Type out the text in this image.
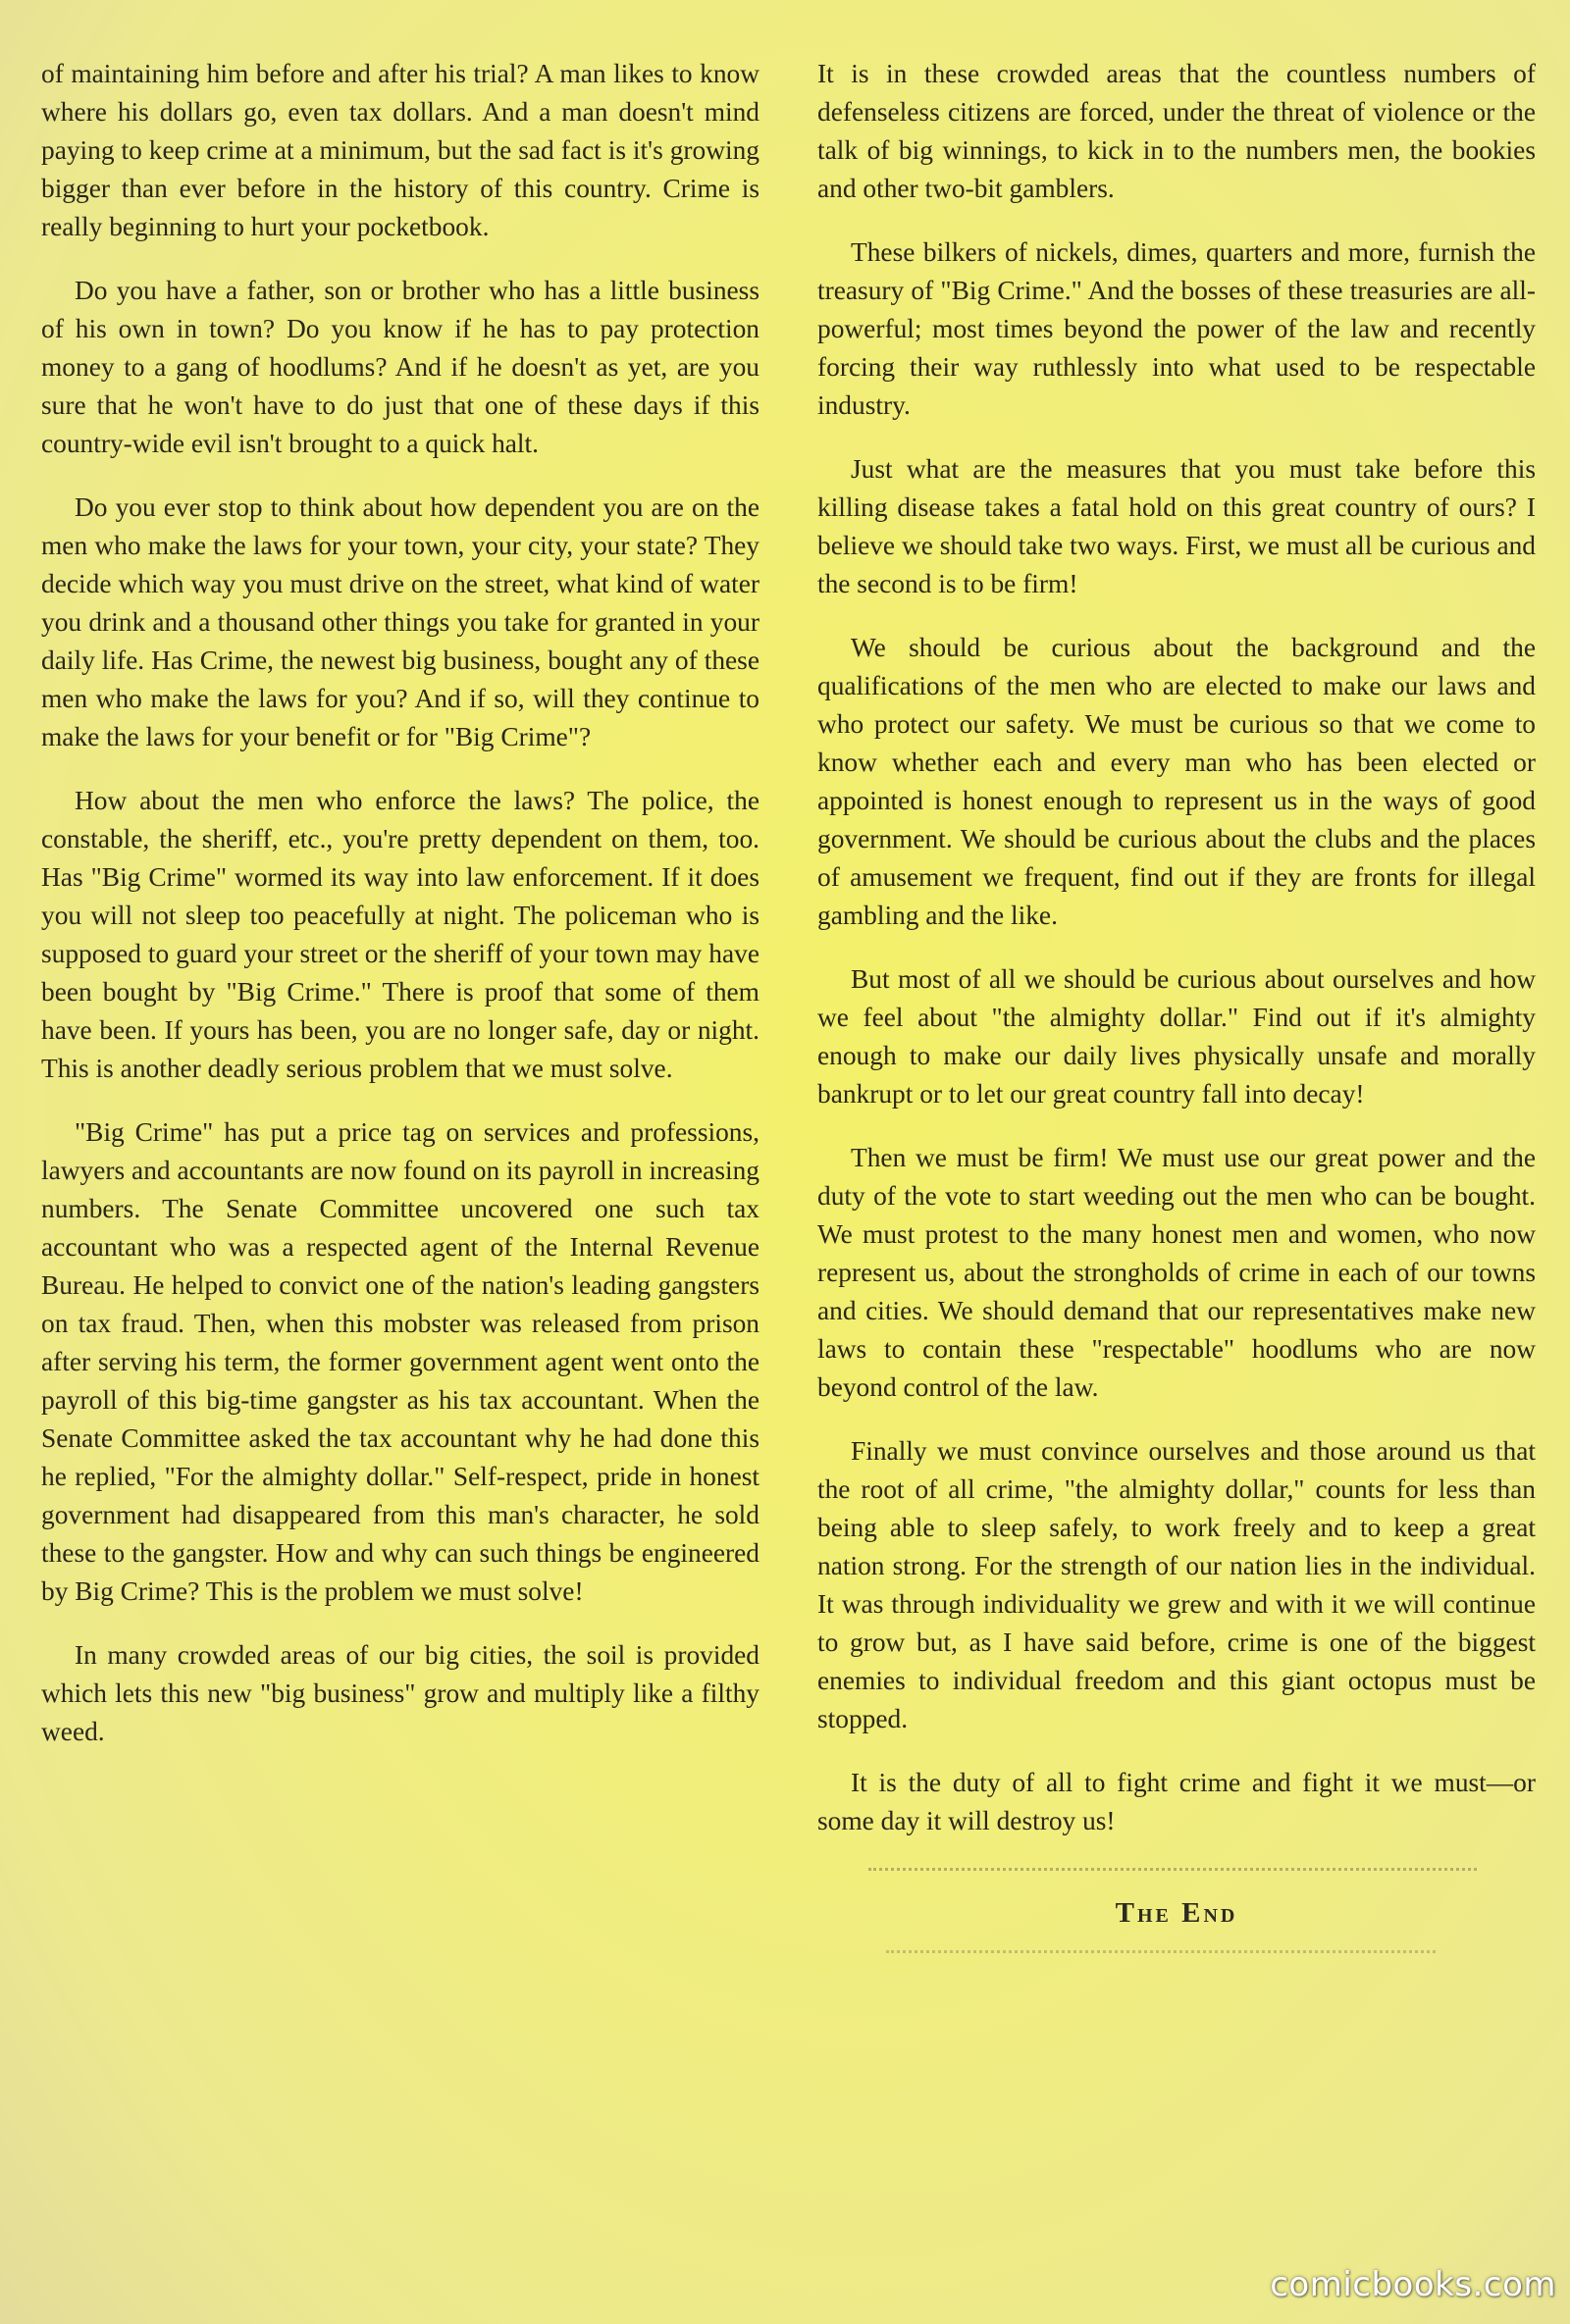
of maintaining him before and after his trial? A man likes to know where his dollars go, even tax dollars. And a man doesn't mind paying to keep crime at a minimum, but the sad fact is it's growing bigger than ever before in the history of this country. Crime is really beginning to hurt your pocketbook.

Do you have a father, son or brother who has a little business of his own in town? Do you know if he has to pay protection money to a gang of hoodlums? And if he doesn't as yet, are you sure that he won't have to do just that one of these days if this country-wide evil isn't brought to a quick halt.

Do you ever stop to think about how dependent you are on the men who make the laws for your town, your city, your state? They decide which way you must drive on the street, what kind of water you drink and a thousand other things you take for granted in your daily life. Has Crime, the newest big business, bought any of these men who make the laws for you? And if so, will they continue to make the laws for your benefit or for "Big Crime"?

How about the men who enforce the laws? The police, the constable, the sheriff, etc., you're pretty dependent on them, too. Has "Big Crime" wormed its way into law enforcement. If it does you will not sleep too peacefully at night. The policeman who is supposed to guard your street or the sheriff of your town may have been bought by "Big Crime." There is proof that some of them have been. If yours has been, you are no longer safe, day or night. This is another deadly serious problem that we must solve.

"Big Crime" has put a price tag on services and professions, lawyers and accountants are now found on its payroll in increasing numbers. The Senate Committee uncovered one such tax accountant who was a respected agent of the Internal Revenue Bureau. He helped to convict one of the nation's leading gangsters on tax fraud. Then, when this mobster was released from prison after serving his term, the former government agent went onto the payroll of this big-time gangster as his tax accountant. When the Senate Committee asked the tax accountant why he had done this he replied, "For the almighty dollar." Self-respect, pride in honest government had disappeared from this man's character, he sold these to the gangster. How and why can such things be engineered by Big Crime? This is the problem we must solve!

In many crowded areas of our big cities, the soil is provided which lets this new "big business" grow and multiply like a filthy weed.

It is in these crowded areas that the countless numbers of defenseless citizens are forced, under the threat of violence or the talk of big winnings, to kick in to the numbers men, the bookies and other two-bit gamblers.

These bilkers of nickels, dimes, quarters and more, furnish the treasury of "Big Crime." And the bosses of these treasuries are all-powerful; most times beyond the power of the law and recently forcing their way ruthlessly into what used to be respectable industry.

Just what are the measures that you must take before this killing disease takes a fatal hold on this great country of ours? I believe we should take two ways. First, we must all be curious and the second is to be firm!

We should be curious about the background and the qualifications of the men who are elected to make our laws and who protect our safety. We must be curious so that we come to know whether each and every man who has been elected or appointed is honest enough to represent us in the ways of good government. We should be curious about the clubs and the places of amusement we frequent, find out if they are fronts for illegal gambling and the like.

But most of all we should be curious about ourselves and how we feel about "the almighty dollar." Find out if it's almighty enough to make our daily lives physically unsafe and morally bankrupt or to let our great country fall into decay!

Then we must be firm! We must use our great power and the duty of the vote to start weeding out the men who can be bought. We must protest to the many honest men and women, who now represent us, about the strongholds of crime in each of our towns and cities. We should demand that our representatives make new laws to contain these "respectable" hoodlums who are now beyond control of the law.

Finally we must convince ourselves and those around us that the root of all crime, "the almighty dollar," counts for less than being able to sleep safely, to work freely and to keep a great nation strong. For the strength of our nation lies in the individual. It was through individuality we grew and with it we will continue to grow but, as I have said before, crime is one of the biggest enemies to individual freedom and this giant octopus must be stopped.

It is the duty of all to fight crime and fight it we must—or some day it will destroy us!

The End
comicbooks.com
